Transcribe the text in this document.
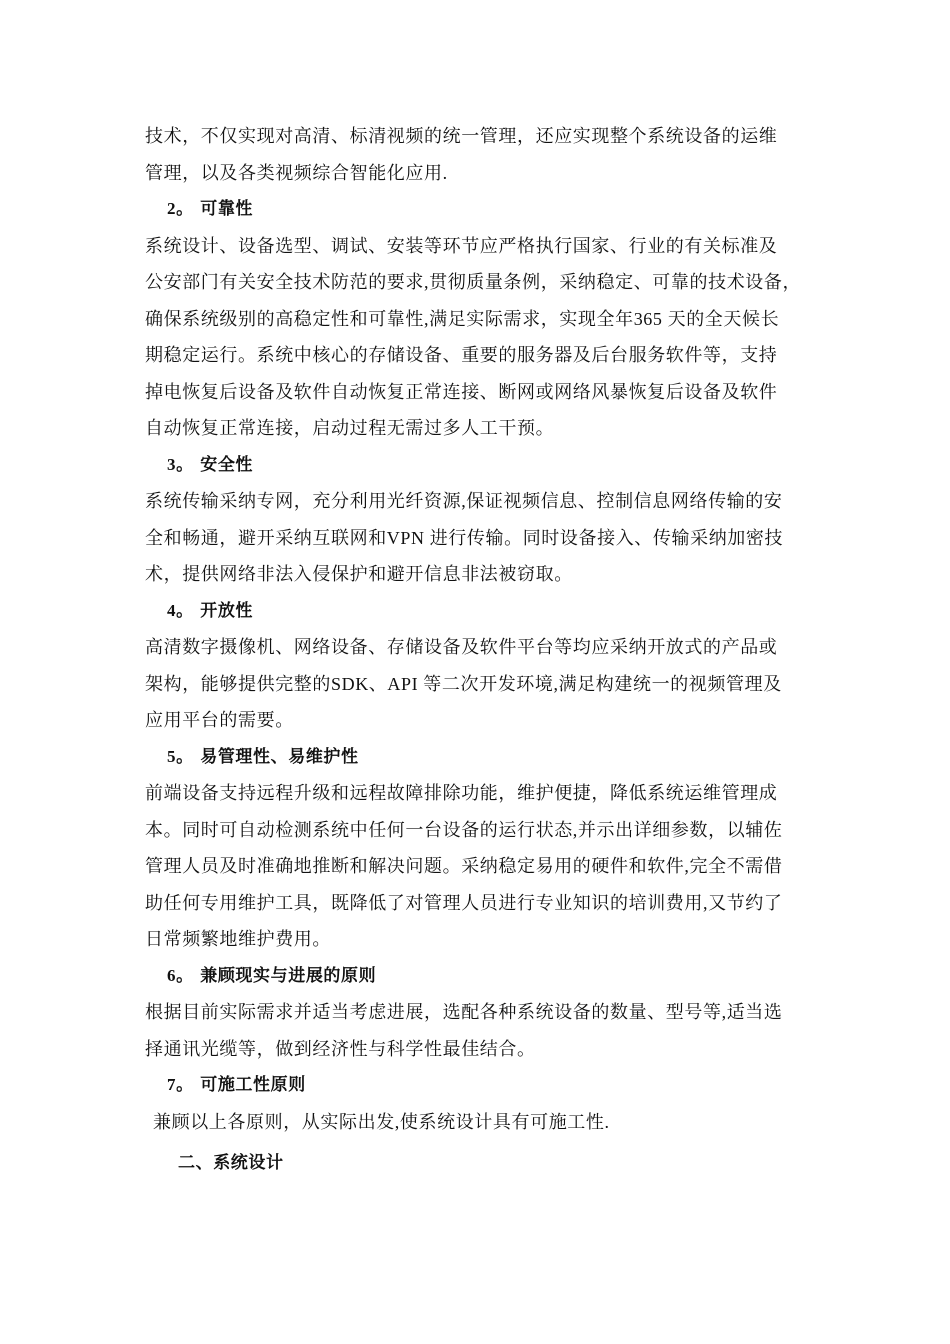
技术，不仅实现对高清、标清视频的统一管理，还应实现整个系统设备的运维
管理，以及各类视频综合智能化应用.
2。 可靠性
系统设计、设备选型、调试、安装等环节应严格执行国家、行业的有关标准及
公安部门有关安全技术防范的要求,贯彻质量条例，采纳稳定、可靠的技术设备，
确保系统级别的高稳定性和可靠性,满足实际需求，实现全年365 天的全天候长
期稳定运行。系统中核心的存储设备、重要的服务器及后台服务软件等，支持
掉电恢复后设备及软件自动恢复正常连接、断网或网络风暴恢复后设备及软件
自动恢复正常连接，启动过程无需过多人工干预。
3。 安全性
系统传输采纳专网，充分利用光纤资源,保证视频信息、控制信息网络传输的安
全和畅通，避开采纳互联网和VPN 进行传输。同时设备接入、传输采纳加密技
术，提供网络非法入侵保护和避开信息非法被窃取。
4。 开放性
高清数字摄像机、网络设备、存储设备及软件平台等均应采纳开放式的产品或
架构，能够提供完整的SDK、API 等二次开发环境,满足构建统一的视频管理及
应用平台的需要。
5。 易管理性、易维护性
前端设备支持远程升级和远程故障排除功能，维护便捷，降低系统运维管理成
本。同时可自动检测系统中任何一台设备的运行状态,并示出详细参数，以辅佐
管理人员及时准确地推断和解决问题。采纳稳定易用的硬件和软件,完全不需借
助任何专用维护工具，既降低了对管理人员进行专业知识的培训费用,又节约了
日常频繁地维护费用。
6。 兼顾现实与进展的原则
根据目前实际需求并适当考虑进展，选配各种系统设备的数量、型号等,适当选
择通讯光缆等，做到经济性与科学性最佳结合。
7。 可施工性原则
兼顾以上各原则，从实际出发,使系统设计具有可施工性.
二、系统设计
